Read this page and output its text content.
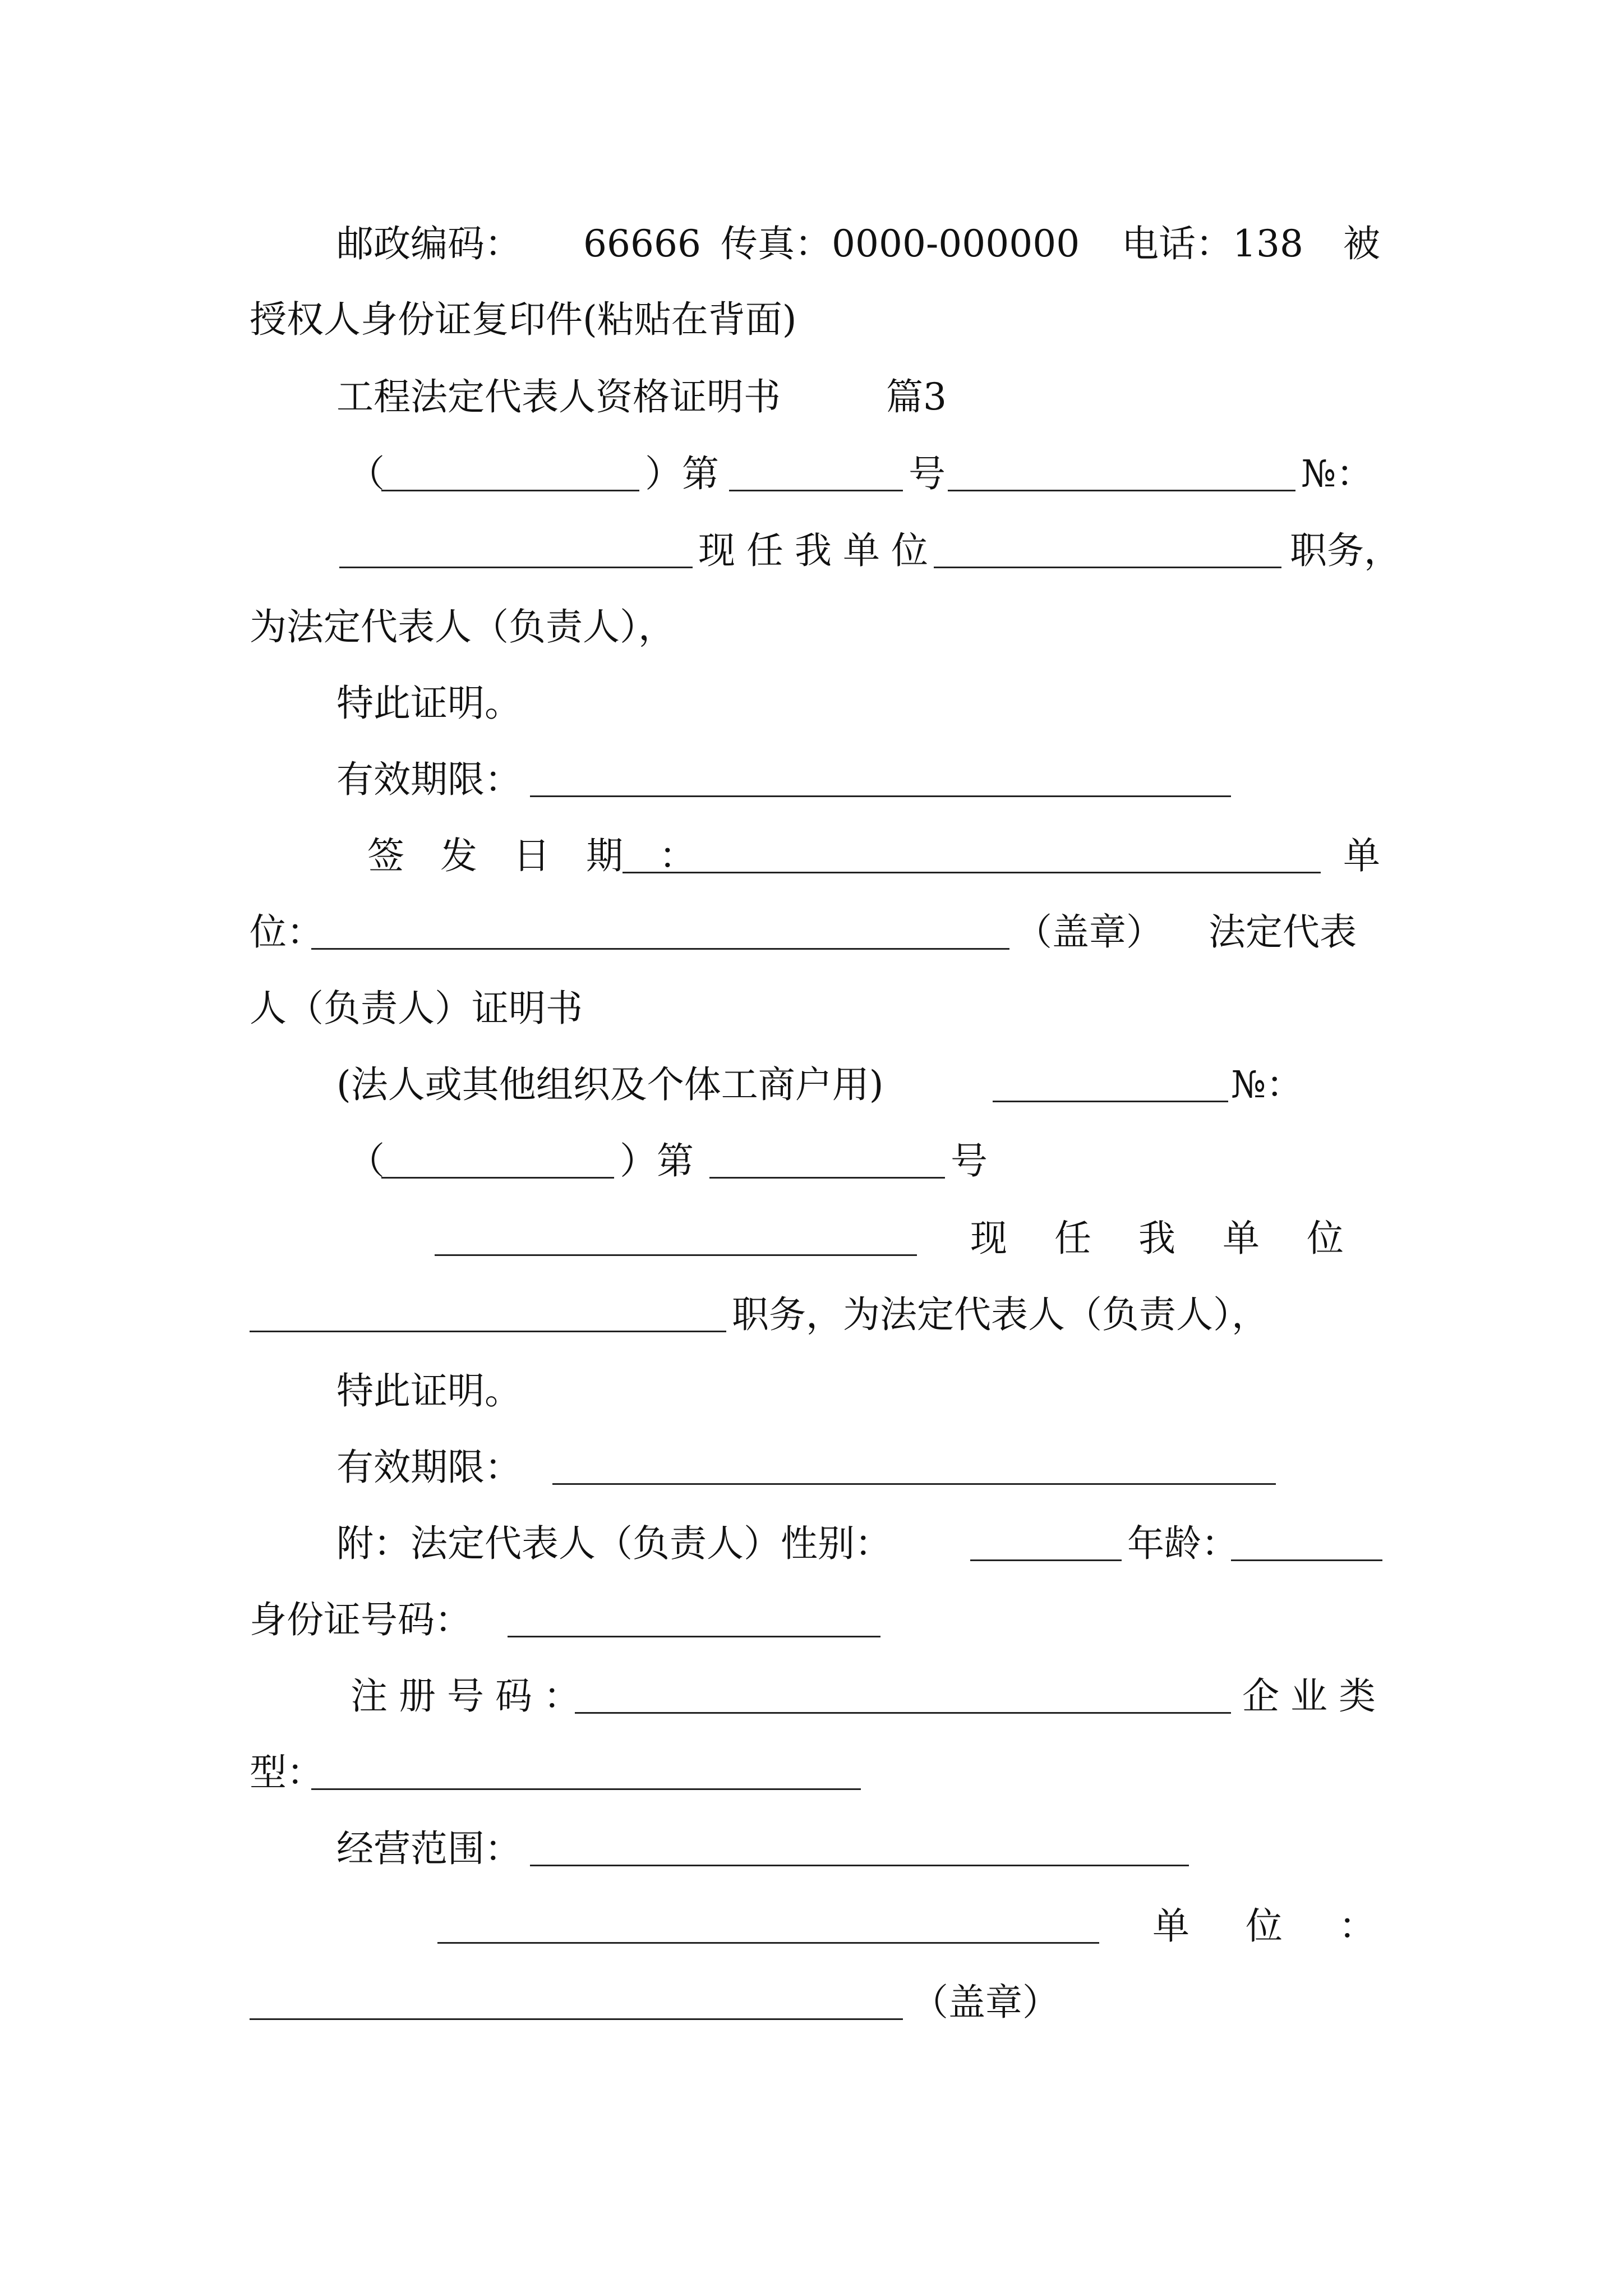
邮政编码： 66666 传真：0000-000000 电话：138 被
授权人身份证复印件(粘贴在背面)
工程法定代表人资格证明书	篇3
（	）第	号	№：
现任我单位	职务，
为法定代表人（负责人），
特此证明。
有效期限：
签发日期：	单
位：	（盖章） 法定代表
人（负责人）证明书
(法人或其他组织及个体工商户用)	№：
（	）第	号
现任我单位
职务，为法定代表人（负责人），
特此证明。
有效期限：
附：法定代表人（负责人）性别：	年龄：
身份证号码：
注册号码：	企业类
型：
经营范围：
单位：
（盖章）
